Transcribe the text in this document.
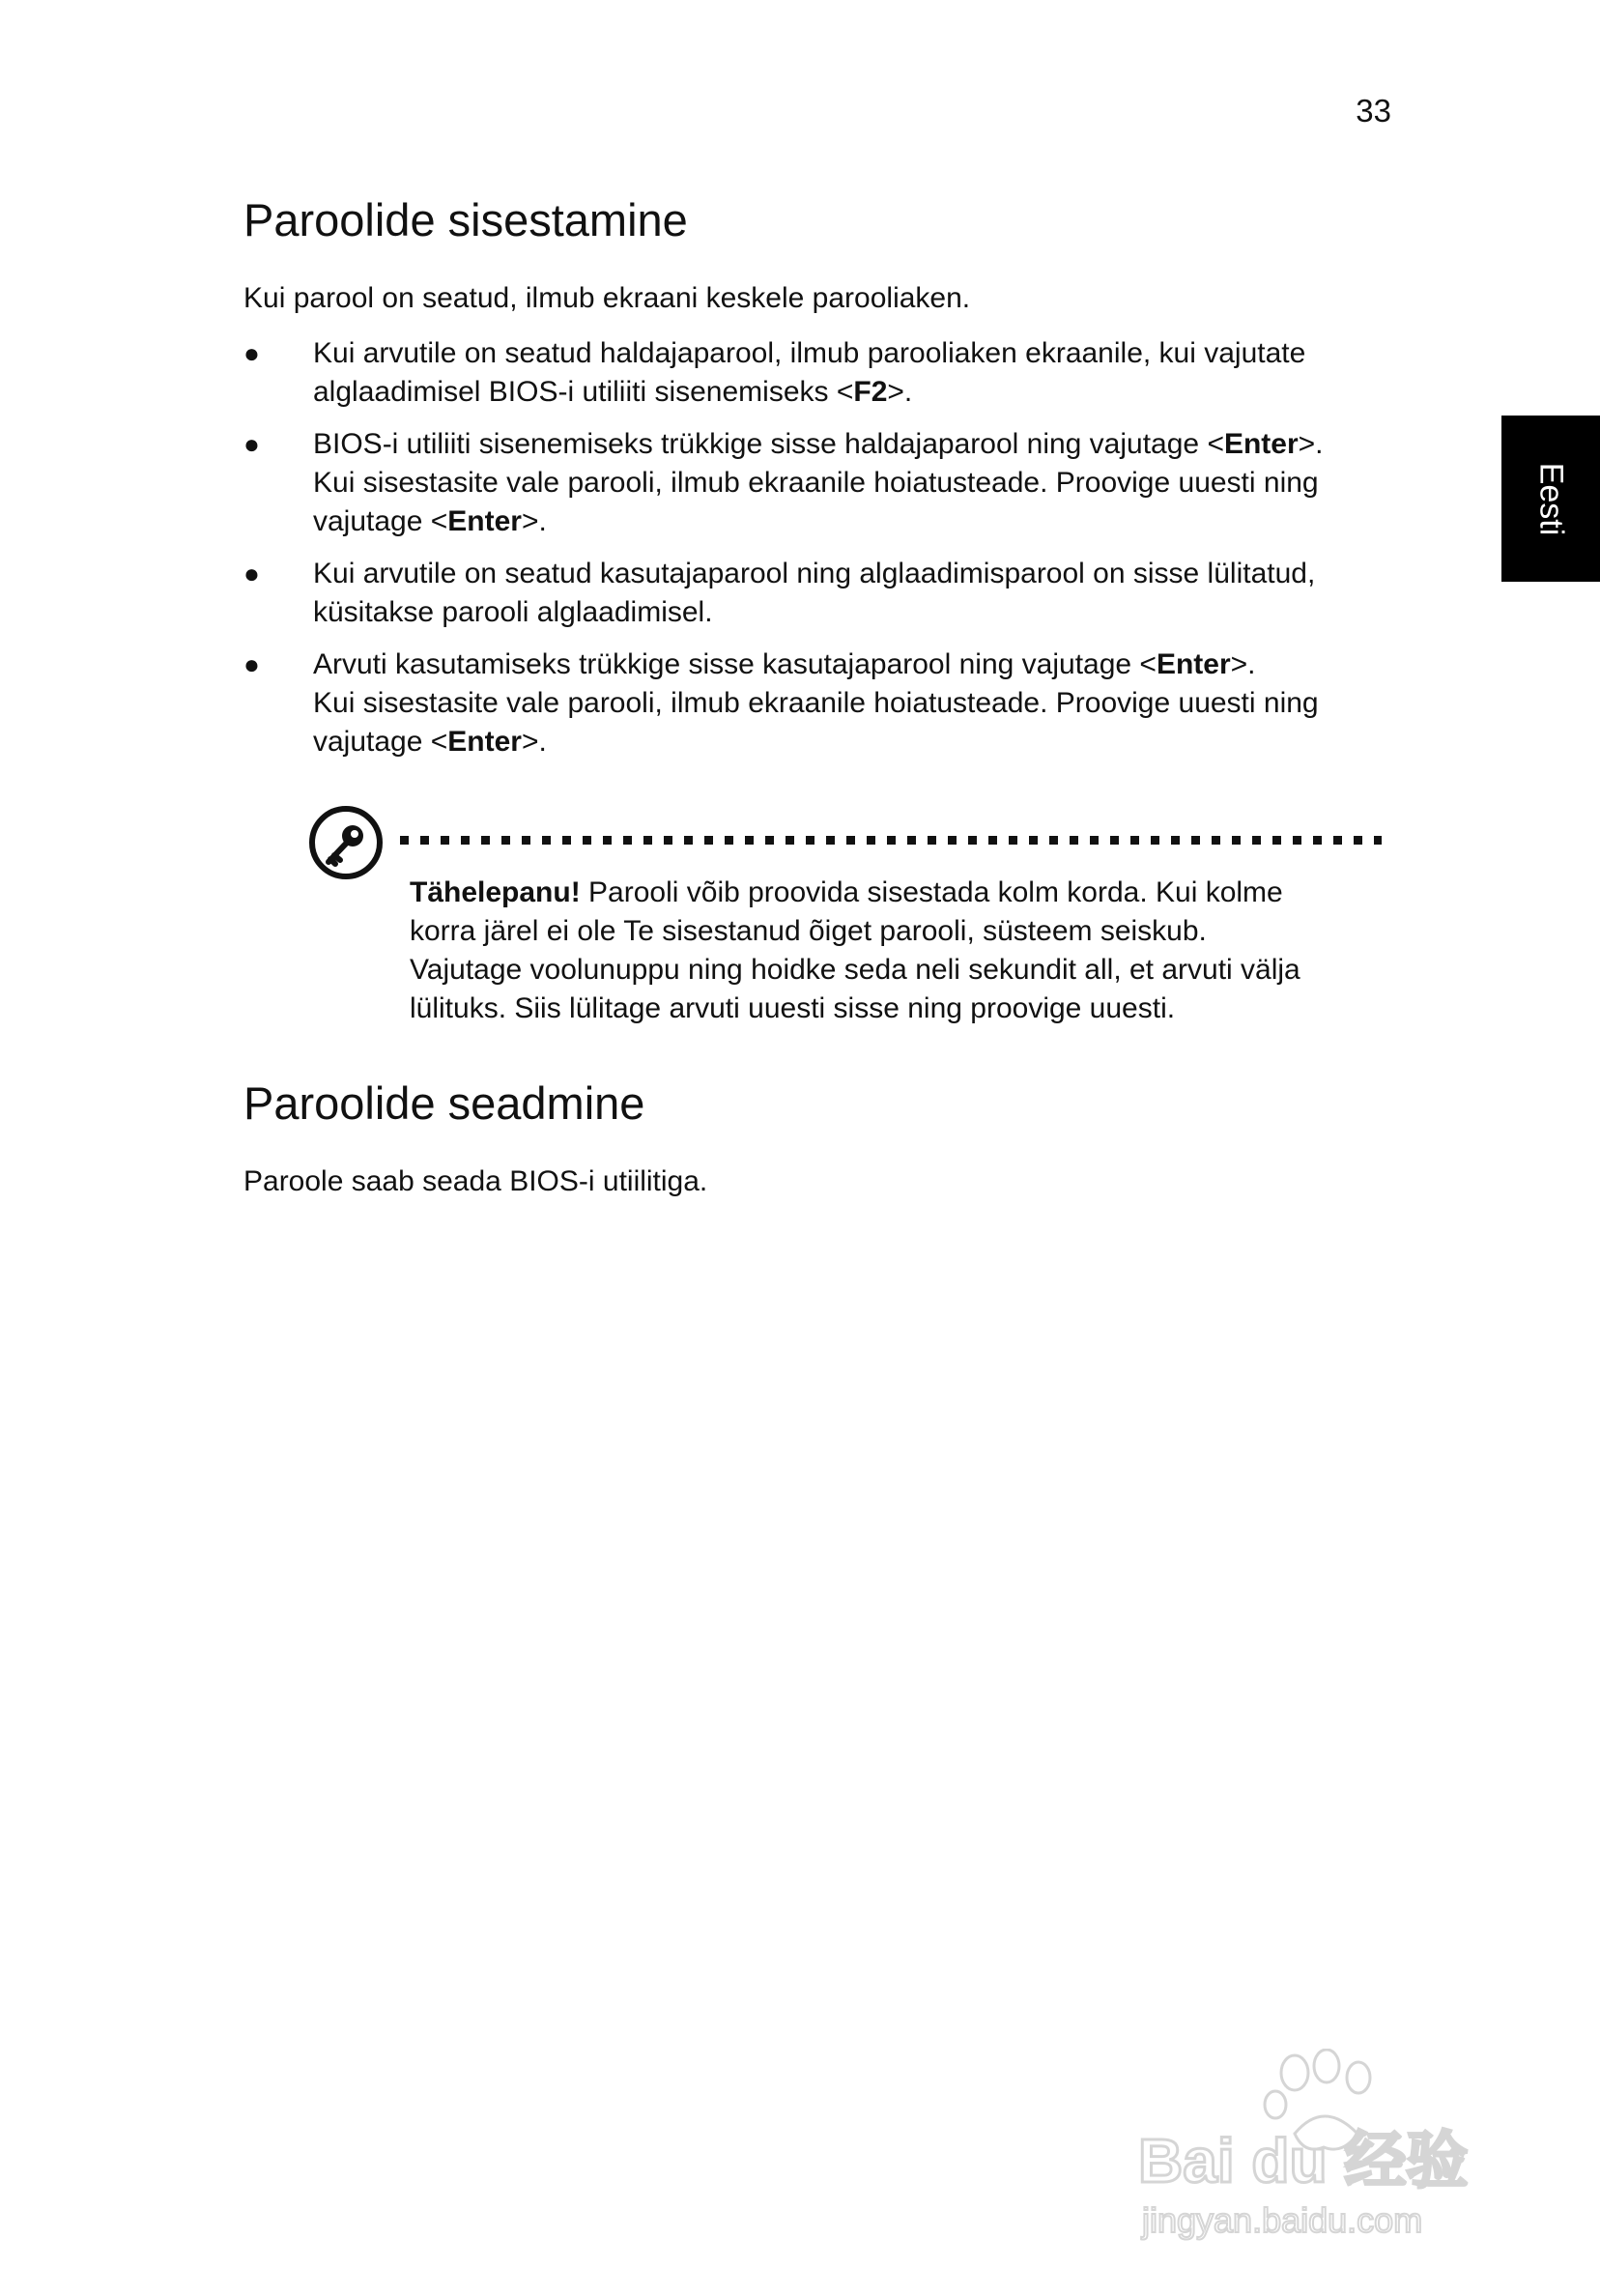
33
Eesti
Paroolide sisestamine
Kui parool on seatud, ilmub ekraani keskele parooliaken.
●	Kui arvutile on seatud haldajaparool, ilmub parooliaken ekraanile, kui vajutate
alglaadimisel BIOS-i utiliiti sisenemiseks <F2>.
●	BIOS-i utiliiti sisenemiseks trükkige sisse haldajaparool ning vajutage <Enter>.
Kui sisestasite vale parooli, ilmub ekraanile hoiatusteade. Proovige uuesti ning
vajutage <Enter>.
●	Kui arvutile on seatud kasutajaparool ning alglaadimisparool on sisse lülitatud,
küsitakse parooli alglaadimisel.
●	Arvuti kasutamiseks trükkige sisse kasutajaparool ning vajutage <Enter>.
Kui sisestasite vale parooli, ilmub ekraanile hoiatusteade. Proovige uuesti ning
vajutage <Enter>.
Paroolide seadmine
Paroole saab seada BIOS-i utiilitiga.
Tähelepanu! Parooli võib proovida sisestada kolm korda. Kui kolme
korra järel ei ole Te sisestanud õiget parooli, süsteem seiskub.
Vajutage voolunuppu ning hoidke seda neli sekundit all, et arvuti välja
lülituks. Siis lülitage arvuti uuesti sisse ning proovige uuesti.
Bai du 经验
jingyan.baidu.com
